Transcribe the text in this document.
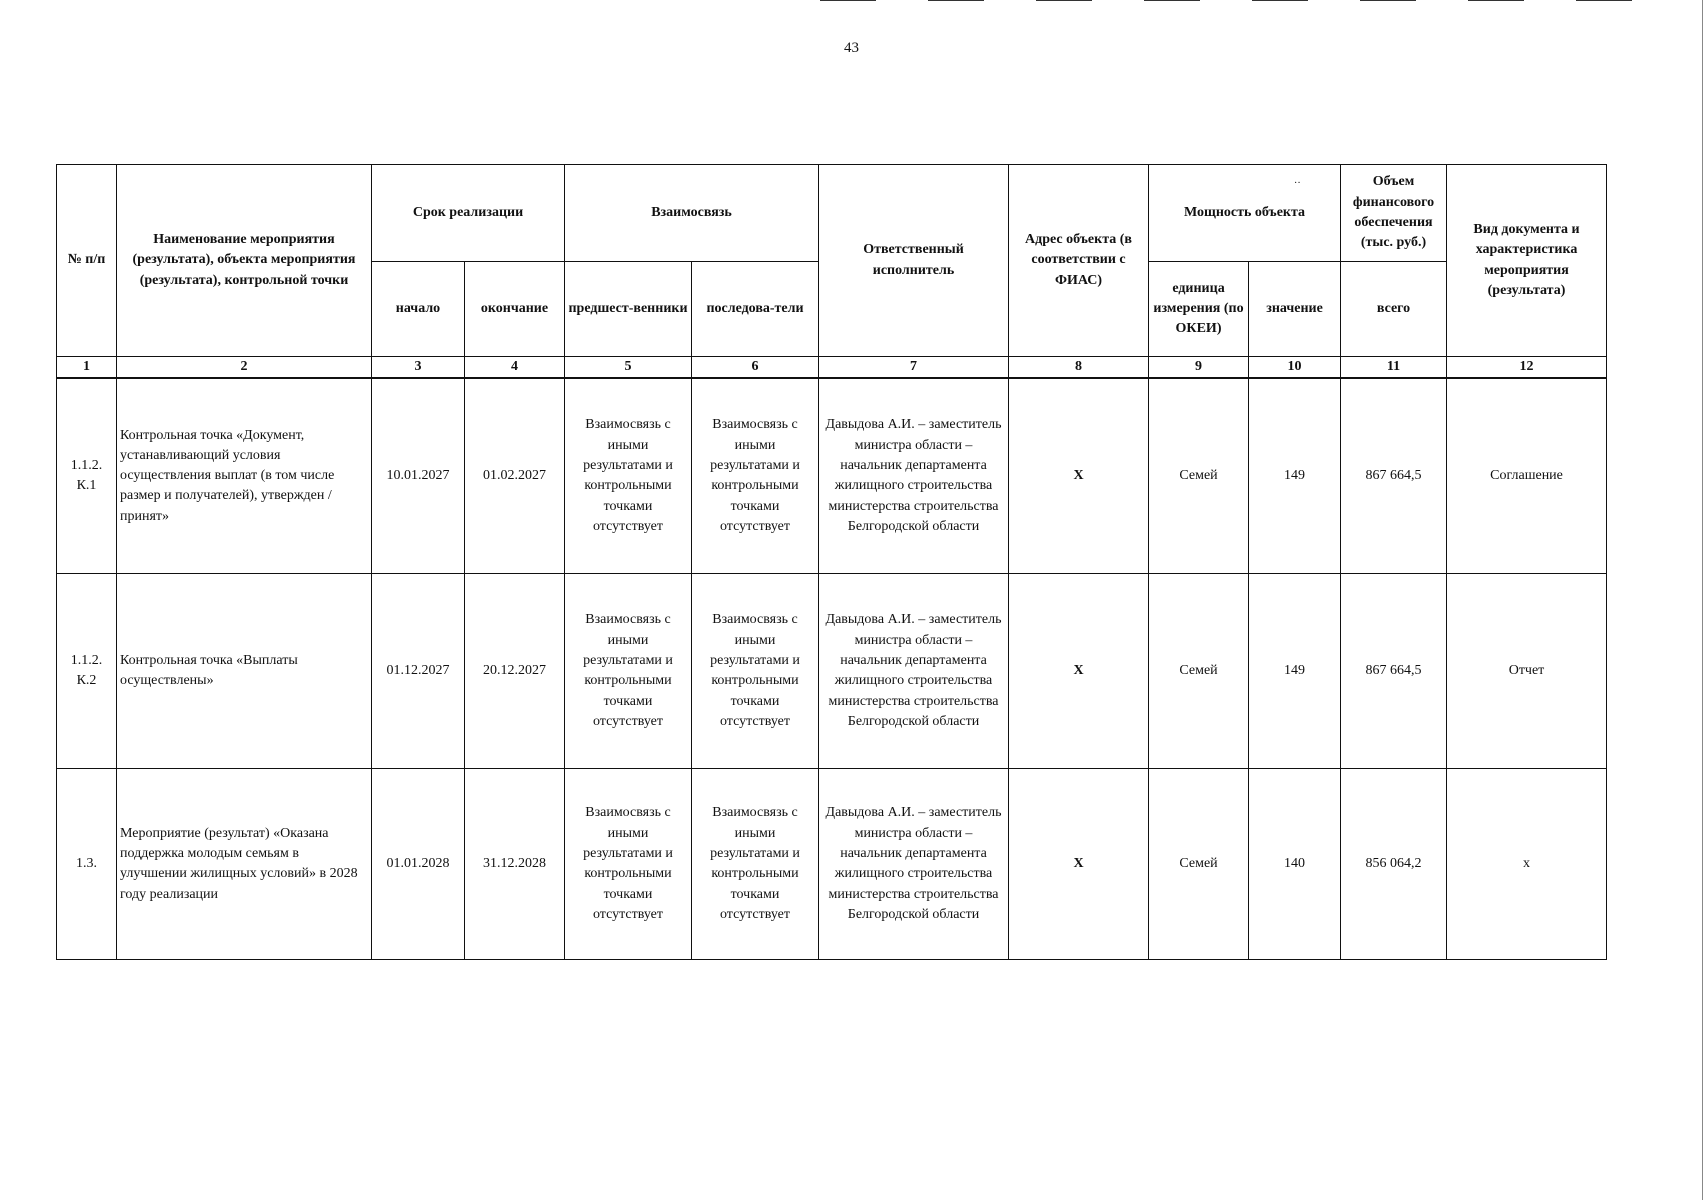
43
··
№ п/п	Наименование мероприятия (результата), объекта мероприятия (результата), контрольной точки	Срок реализации		Взаимосвязь		Ответственный исполнитель	Адрес объекта (в соответствии с ФИАС)	Мощность объекта		Объем финансового обеспечения (тыс. руб.)	Вид документа и характеристика мероприятия (результата)
		начало	окончание	предшест-венники	последова-тели			единица измерения (по ОКЕИ)	значение	всего	
1	2	3	4	5	6	7	8	9	10	11	12
1.1.2. К.1	Контрольная точка «Документ, устанавливающий условия осуществления выплат (в том числе размер и получателей), утвержден / принят»	10.01.2027	01.02.2027	Взаимосвязь с иными результатами и контрольными точками отсутствует	Взаимосвязь с иными результатами и контрольными точками отсутствует	Давыдова А.И. – заместитель министра области – начальник департамента жилищного строительства министерства строительства Белгородской области	X	Семей	149	867 664,5	Соглашение
1.1.2. К.2	Контрольная точка «Выплаты осуществлены»	01.12.2027	20.12.2027	Взаимосвязь с иными результатами и контрольными точками отсутствует	Взаимосвязь с иными результатами и контрольными точками отсутствует	Давыдова А.И. – заместитель министра области – начальник департамента жилищного строительства министерства строительства Белгородской области	X	Семей	149	867 664,5	Отчет
1.3.	Мероприятие (результат) «Оказана поддержка молодым семьям в улучшении жилищных условий» в 2028 году реализации	01.01.2028	31.12.2028	Взаимосвязь с иными результатами и контрольными точками отсутствует	Взаимосвязь с иными результатами и контрольными точками отсутствует	Давыдова А.И. – заместитель министра области – начальник департамента жилищного строительства министерства строительства Белгородской области	X	Семей	140	856 064,2	х
